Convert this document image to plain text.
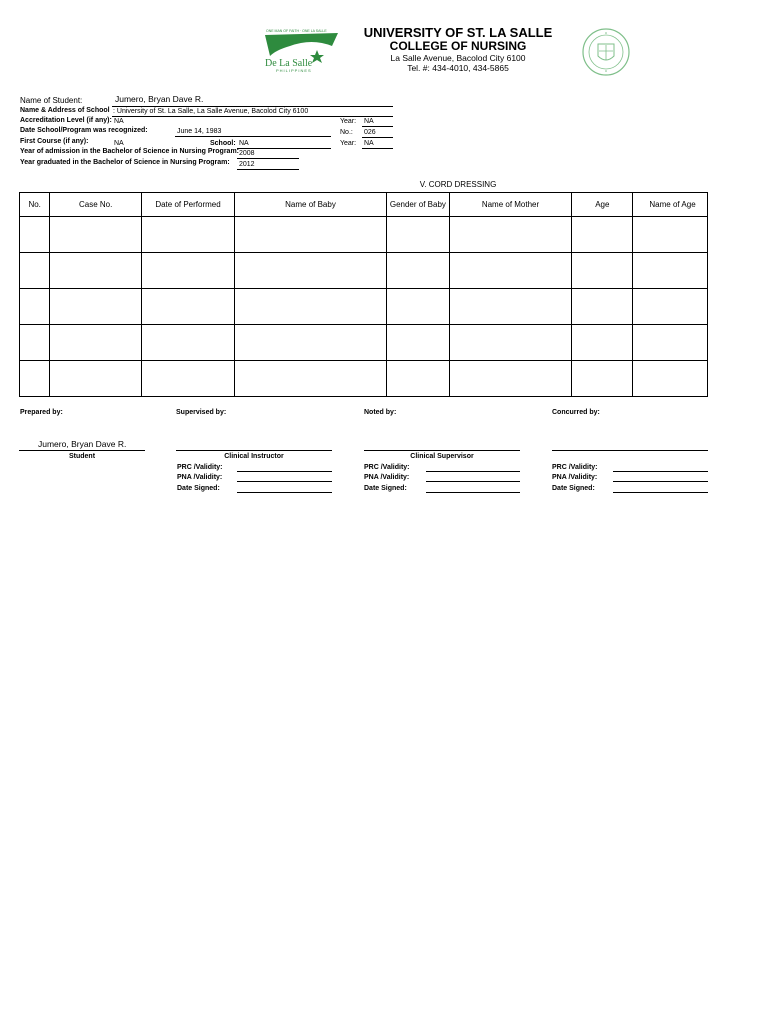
ONE MAN OF FAITH · ONE LA SALLE
De La Salle
PHILIPPINES
UNIVERSITY OF ST. LA SALLE
COLLEGE OF NURSING
La Salle Avenue, Bacolod City 6100
Tel. #: 434-4010, 434-5865
Name of Student:	Jumero, Bryan Dave R.
Name & Address of School : University of St. La Salle, La Salle Avenue, Bacolod City 6100
Accreditation Level (if any): NA	Year: NA
Date School/Program was recognized:	June 14, 1983	No.: 026
First Course (if any):	NA	School: NA	Year: NA
Year of admission in the Bachelor of Science in Nursing Program: 2008
Year graduated in the Bachelor of Science in Nursing Program: 2012
V. CORD DRESSING
No.	Case No.	Date of Performed	Name of Baby	Gender of Baby	Name of Mother	Age	Name of Age

Prepared by:	Supervised by:	Noted by:	Concurred by:
Jumero, Bryan Dave R.
Student	Clinical Instructor
PRC /Validity:
PNA /Validity:
Date Signed:
Clinical Supervisor
PRC /Validity:
PNA /Validity:
Date Signed:
PRC /Validity:
PNA /Validity:
Date Signed:
